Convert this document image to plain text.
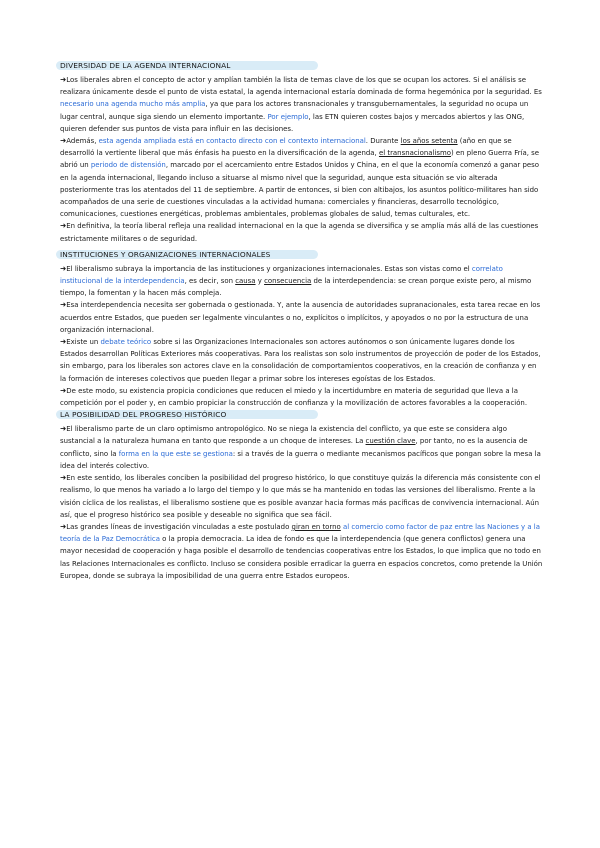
DIVERSIDAD DE LA AGENDA INTERNACIONAL

➜Los liberales abren el concepto de actor y amplían también la lista de temas clave de los que se ocupan los actores. Si el análisis se realizara únicamente desde el punto de vista estatal, la agenda internacional estaría dominada de forma hegemónica por la seguridad. Es necesario una agenda mucho más amplia, ya que para los actores transnacionales y transgubernamentales, la seguridad no ocupa un lugar central, aunque siga siendo un elemento importante. Por ejemplo, las ETN quieren costes bajos y mercados abiertos y las ONG, quieren defender sus puntos de vista para influir en las decisiones.

➜Además, esta agenda ampliada está en contacto directo con el contexto internacional. Durante los años setenta (año en que se desarrolló la vertiente liberal que más énfasis ha puesto en la diversificación de la agenda, el transnacionalismo) en pleno Guerra Fría, se abrió un periodo de distensión, marcado por el acercamiento entre Estados Unidos y China, en el que la economía comenzó a ganar peso en la agenda internacional, llegando incluso a situarse al mismo nivel que la seguridad, aunque esta situación se vio alterada posteriormente tras los atentados del 11 de septiembre. A partir de entonces, si bien con altibajos, los asuntos político-militares han sido acompañados de una serie de cuestiones vinculadas a la actividad humana: comerciales y financieras, desarrollo tecnológico, comunicaciones, cuestiones energéticas, problemas ambientales, problemas globales de salud, temas culturales, etc.

➜En definitiva, la teoría liberal refleja una realidad internacional en la que la agenda se diversifica y se amplía más allá de las cuestiones estrictamente militares o de seguridad.

INSTITUCIONES Y ORGANIZACIONES INTERNACIONALES

➜El liberalismo subraya la importancia de las instituciones y organizaciones internacionales. Estas son vistas como el correlato institucional de la interdependencia, es decir, son causa y consecuencia de la interdependencia: se crean porque existe pero, al mismo tiempo, la fomentan y la hacen más compleja.

➜Esa interdependencia necesita ser gobernada o gestionada. Y, ante la ausencia de autoridades supranacionales, esta tarea recae en los acuerdos entre Estados, que pueden ser legalmente vinculantes o no, explícitos o implícitos, y apoyados o no por la estructura de una organización internacional.

➜Existe un debate teórico sobre si las Organizaciones Internacionales son actores autónomos o son únicamente lugares donde los Estados desarrollan Políticas Exteriores más cooperativas. Para los realistas son solo instrumentos de proyección de poder de los Estados, sin embargo, para los liberales son actores clave en la consolidación de comportamientos cooperativos, en la creación de confianza y en la formación de intereses colectivos que pueden llegar a primar sobre los intereses egoístas de los Estados.

➜De este modo, su existencia propicia condiciones que reducen el miedo y la incertidumbre en materia de seguridad que lleva a la competición por el poder y, en cambio propiciar la construcción de confianza y la movilización de actores favorables a la cooperación.

LA POSIBILIDAD DEL PROGRESO HISTÓRICO

➜El liberalismo parte de un claro optimismo antropológico. No se niega la existencia del conflicto, ya que este se considera algo sustancial a la naturaleza humana en tanto que responde a un choque de intereses. La cuestión clave, por tanto, no es la ausencia de conflicto, sino la forma en la que este se gestiona: si a través de la guerra o mediante mecanismos pacíficos que pongan sobre la mesa la idea del interés colectivo.

➜En este sentido, los liberales conciben la posibilidad del progreso histórico, lo que constituye quizás la diferencia más consistente con el realismo, lo que menos ha variado a lo largo del tiempo y lo que más se ha mantenido en todas las versiones del liberalismo. Frente a la visión cíclica de los realistas, el liberalismo sostiene que es posible avanzar hacia formas más pacíficas de convivencia internacional. Aún así, que el progreso histórico sea posible y deseable no significa que sea fácil.

➜Las grandes líneas de investigación vinculadas a este postulado giran en torno al comercio como factor de paz entre las Naciones y a la teoría de la Paz Democrática o la propia democracia. La idea de fondo es que la interdependencia (que genera conflictos) genera una mayor necesidad de cooperación y haga posible el desarrollo de tendencias cooperativas entre los Estados, lo que implica que no todo en las Relaciones Internacionales es conflicto. Incluso se considera posible erradicar la guerra en espacios concretos, como pretende la Unión Europea, donde se subraya la imposibilidad de una guerra entre Estados europeos.
